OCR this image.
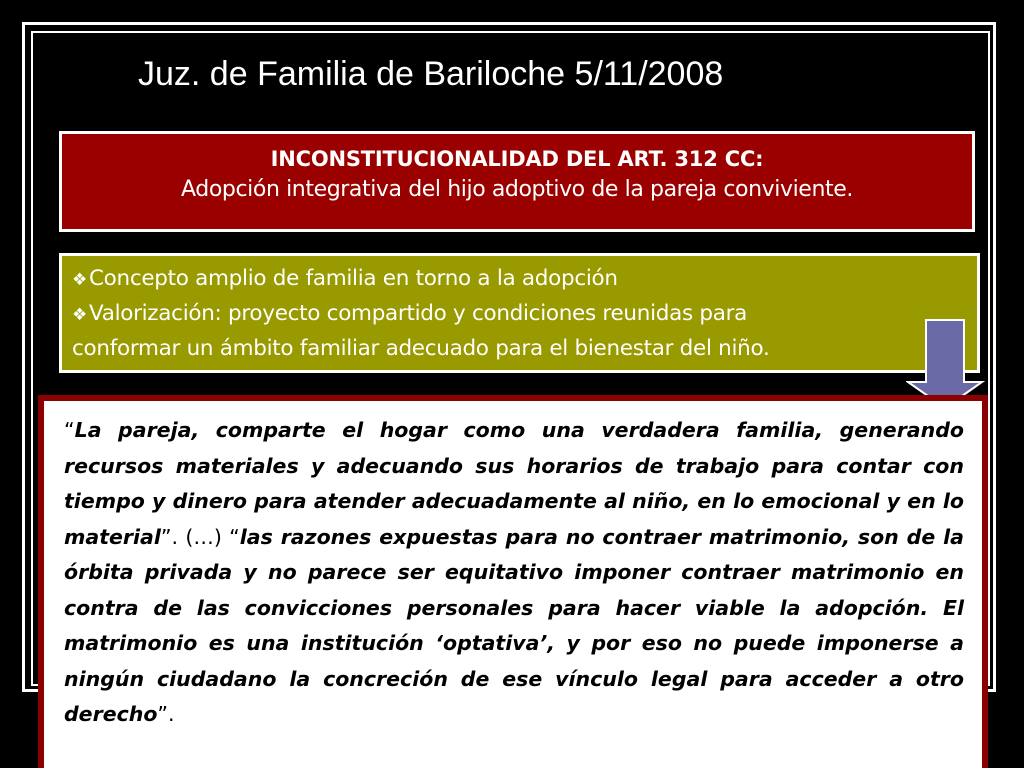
Juz. de Familia de Bariloche 5/11/2008
INCONSTITUCIONALIDAD DEL ART. 312 CC:
Adopción integrativa del hijo adoptivo de la pareja conviviente.
❖Concepto amplio de familia en torno a la adopción
❖Valorización: proyecto compartido y condiciones reunidas para
conformar un ámbito familiar adecuado para el bienestar del niño.
“La pareja, comparte el hogar como una verdadera familia, generando recursos materiales y adecuando sus horarios de trabajo para contar con tiempo y dinero para atender adecuadamente al niño, en lo emocional y en lo material”. (…) “las razones expuestas para no contraer matrimonio, son de la órbita privada y no parece ser equitativo imponer contraer matrimonio en contra de las convicciones personales para hacer viable la adopción. El matrimonio es una institución ‘optativa’, y por eso no puede imponerse a ningún ciudadano la concreción de ese vínculo legal para acceder a otro derecho”.
